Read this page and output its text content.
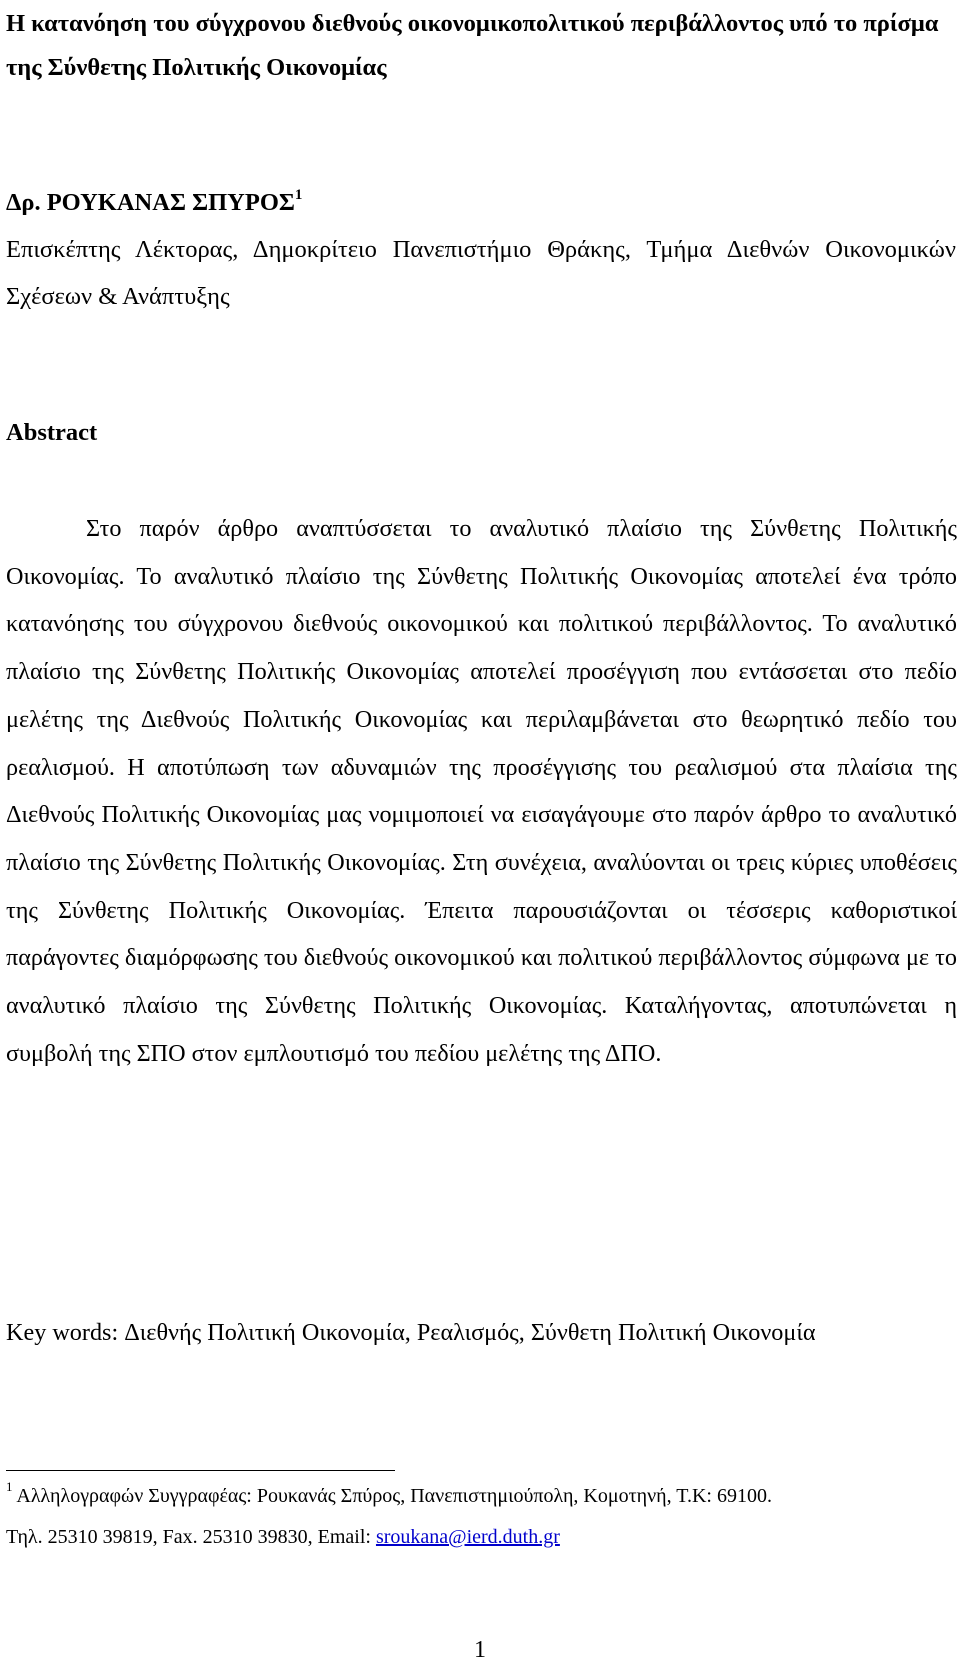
Η κατανόηση του σύγχρονου διεθνούς οικονομικοπολιτικού περιβάλλοντος υπό το πρίσμα της Σύνθετης Πολιτικής Οικονομίας
Δρ. ΡΟΥΚΑΝΑΣ ΣΠΥΡΟΣ$^1$
Επισκέπτης Λέκτορας, Δημοκρίτειο Πανεπιστήμιο Θράκης, Τμήμα Διεθνών Οικονομικών Σχέσεων & Ανάπτυξης
Abstract

Στο παρόν άρθρο αναπτύσσεται το αναλυτικό πλαίσιο της Σύνθετης Πολιτικής Οικονομίας. Το αναλυτικό πλαίσιο της Σύνθετης Πολιτικής Οικονομίας αποτελεί ένα τρόπο κατανόησης του σύγχρονου διεθνούς οικονομικού και πολιτικού περιβάλλοντος. Το αναλυτικό πλαίσιο της Σύνθετης Πολιτικής Οικονομίας αποτελεί προσέγγιση που εντάσσεται στο πεδίο μελέτης της Διεθνούς Πολιτικής Οικονομίας και περιλαμβάνεται στο θεωρητικό πεδίο του ρεαλισμού. Η αποτύπωση των αδυναμιών της προσέγγισης του ρεαλισμού στα πλαίσια της Διεθνούς Πολιτικής Οικονομίας μας νομιμοποιεί να εισαγάγουμε στο παρόν άρθρο το αναλυτικό πλαίσιο της Σύνθετης Πολιτικής Οικονομίας. Στη συνέχεια, αναλύονται οι τρεις κύριες υποθέσεις της Σύνθετης Πολιτικής Οικονομίας. Έπειτα παρουσιάζονται οι τέσσερις καθοριστικοί παράγοντες διαμόρφωσης του διεθνούς οικονομικού και πολιτικού περιβάλλοντος σύμφωνα με το αναλυτικό πλαίσιο της Σύνθετης Πολιτικής Οικονομίας. Καταλήγοντας, αποτυπώνεται η συμβολή της ΣΠΟ στον εμπλουτισμό του πεδίου μελέτης της ΔΠΟ.

Key words: Διεθνής Πολιτική Οικονομία, Ρεαλισμός, Σύνθετη Πολιτική Οικονομία

$^1$ Αλληλογραφών Συγγραφέας: Ρουκανάς Σπύρος, Πανεπιστημιούπολη, Κομοτηνή, Τ.Κ: 69100.
Τηλ. 25310 39819, Fax. 25310 39830, Email: sroukana@ierd.duth.gr
1
